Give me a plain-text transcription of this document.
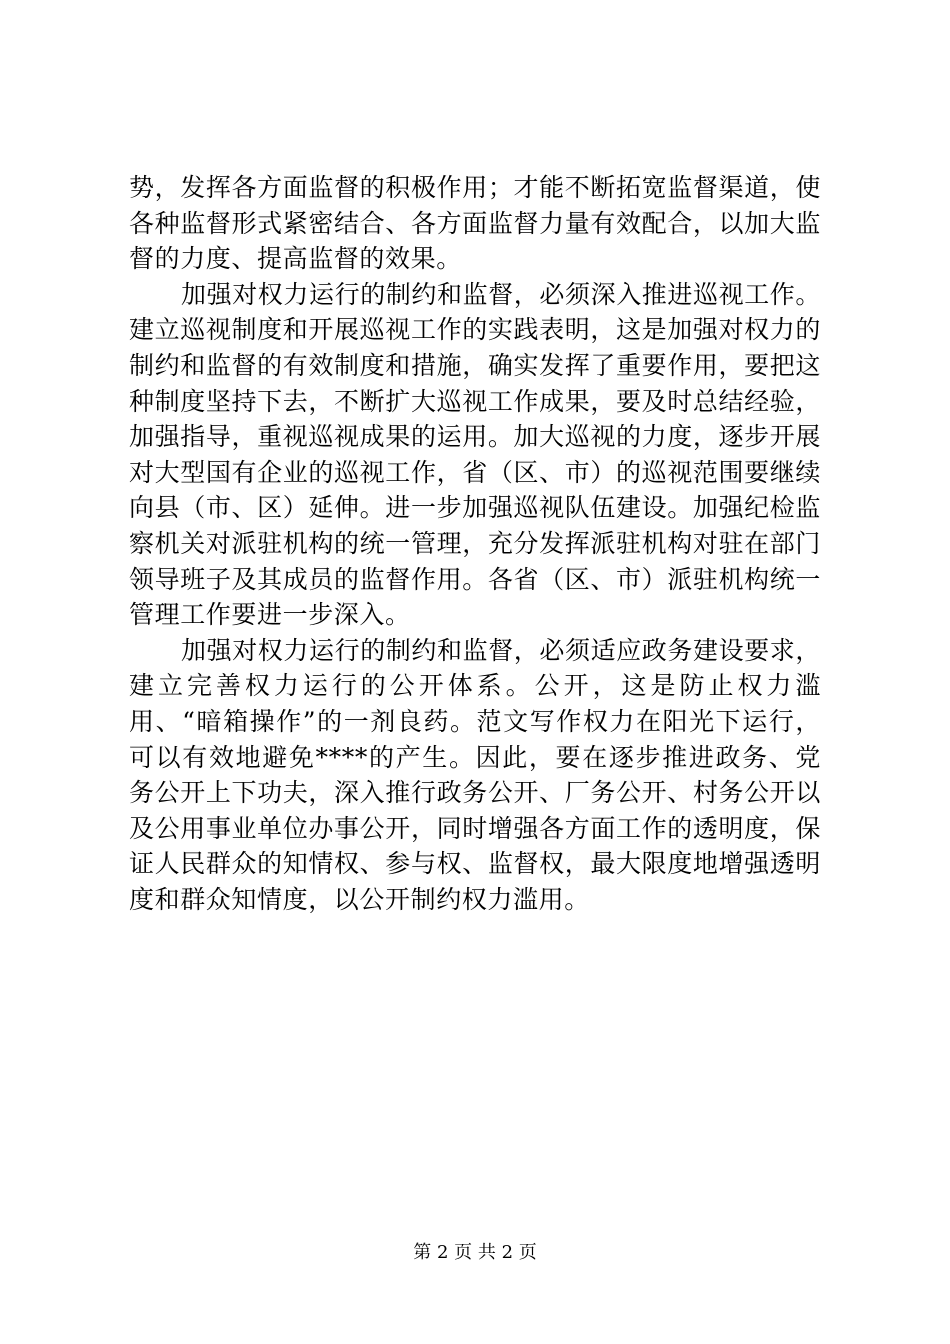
势，发挥各方面监督的积极作用；才能不断拓宽监督渠道，使各种监督形式紧密结合、各方面监督力量有效配合，以加大监督的力度、提高监督的效果。

加强对权力运行的制约和监督，必须深入推进巡视工作。建立巡视制度和开展巡视工作的实践表明，这是加强对权力的制约和监督的有效制度和措施，确实发挥了重要作用，要把这种制度坚持下去，不断扩大巡视工作成果，要及时总结经验，加强指导，重视巡视成果的运用。加大巡视的力度，逐步开展对大型国有企业的巡视工作，省（区、市）的巡视范围要继续向县（市、区）延伸。进一步加强巡视队伍建设。加强纪检监察机关对派驻机构的统一管理，充分发挥派驻机构对驻在部门领导班子及其成员的监督作用。各省（区、市）派驻机构统一管理工作要进一步深入。

加强对权力运行的制约和监督，必须适应政务建设要求，建立完善权力运行的公开体系。公开，这是防止权力滥用、“暗箱操作”的一剂良药。范文写作权力在阳光下运行，可以有效地避免****的产生。因此，要在逐步推进政务、党务公开上下功夫，深入推行政务公开、厂务公开、村务公开以及公用事业单位办事公开，同时增强各方面工作的透明度，保证人民群众的知情权、参与权、监督权，最大限度地增强透明度和群众知情度，以公开制约权力滥用。

第 2 页 共 2 页
